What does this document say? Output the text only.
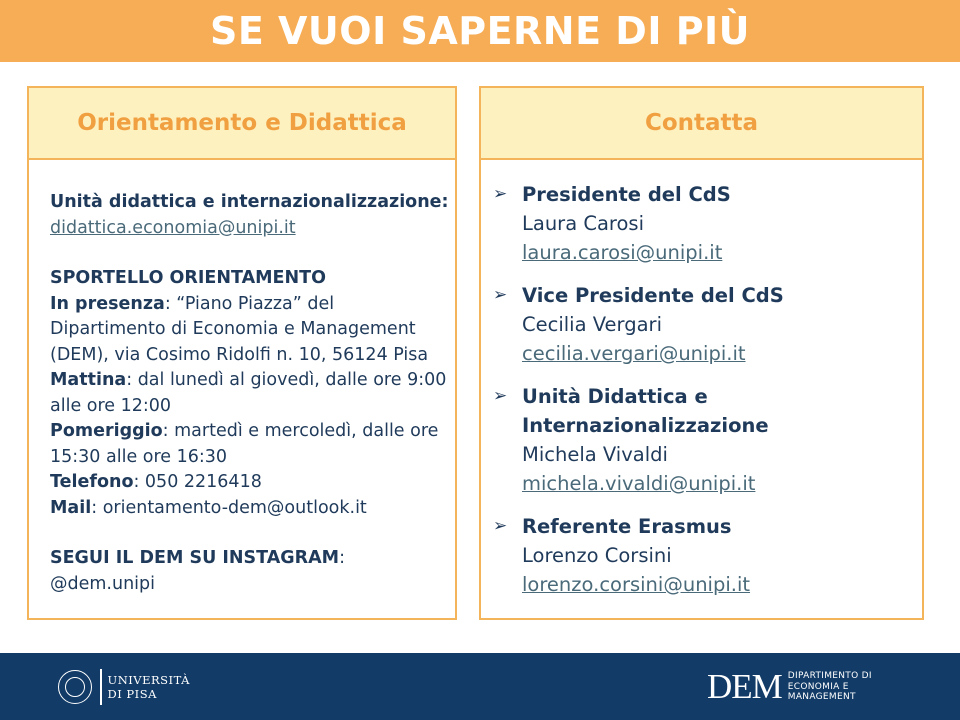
SE VUOI SAPERNE DI PIÙ
Orientamento e Didattica
Unità didattica e internazionalizzazione:
didattica.economia@unipi.it
SPORTELLO ORIENTAMENTO
In presenza: “Piano Piazza” del
Dipartimento di Economia e Management
(DEM), via Cosimo Ridolfi n. 10, 56124 Pisa
Mattina: dal lunedì al giovedì, dalle ore 9:00
alle ore 12:00
Pomeriggio: martedì e mercoledì, dalle ore
15:30 alle ore 16:30
Telefono: 050 2216418
Mail: orientamento-dem@outlook.it
SEGUI IL DEM SU INSTAGRAM: @dem.unipi
Contatta
➢ Presidente del CdS
Laura Carosi
laura.carosi@unipi.it
➢ Vice Presidente del CdS
Cecilia Vergari
cecilia.vergari@unipi.it
➢ Unità Didattica e
Internazionalizzazione
Michela Vivaldi
michela.vivaldi@unipi.it
➢ Referente Erasmus
Lorenzo Corsini
lorenzo.corsini@unipi.it
UNIVERSITÀ
DI PISA	DEM DIPARTIMENTO DI
ECONOMIA E
MANAGEMENT
